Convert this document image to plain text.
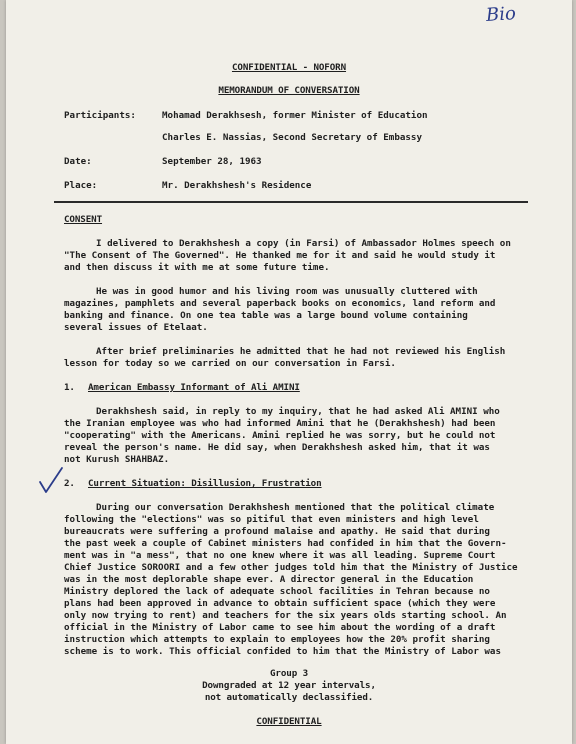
Bio
CONFIDENTIAL - NOFORN
MEMORANDUM OF CONVERSATION
Participants:	Mohamad Derakhsesh, former Minister of Education
Charles E. Nassias, Second Secretary of Embassy
Date:	September 28, 1963
Place:	Mr. Derakhshesh's Residence
CONSENT
I delivered to Derakhshesh a copy (in Farsi) of Ambassador Holmes speech on
"The Consent of The Governed". He thanked me for it and said he would study it
and then discuss it with me at some future time.
He was in good humor and his living room was unusually cluttered with
magazines, pamphlets and several paperback books on economics, land reform and
banking and finance. On one tea table was a large bound volume containing
several issues of Etelaat.
After brief preliminaries he admitted that he had not reviewed his English
lesson for today so we carried on our conversation in Farsi.
1. American Embassy Informant of Ali AMINI
Derakhshesh said, in reply to my inquiry, that he had asked Ali AMINI who
the Iranian employee was who had informed Amini that he (Derakhshesh) had been
"cooperating" with the Americans. Amini replied he was sorry, but he could not
reveal the person's name. He did say, when Derakhshesh asked him, that it was
not Kurush SHAHBAZ.
2. Current Situation: Disillusion, Frustration
During our conversation Derakhshesh mentioned that the political climate
following the "elections" was so pitiful that even ministers and high level
bureaucrats were suffering a profound malaise and apathy. He said that during
the past week a couple of Cabinet ministers had confided in him that the Govern-
ment was in "a mess", that no one knew where it was all leading. Supreme Court
Chief Justice SOROORI and a few other judges told him that the Ministry of Justice
was in the most deplorable shape ever. A director general in the Education
Ministry deplored the lack of adequate school facilities in Tehran because no
plans had been approved in advance to obtain sufficient space (which they were
only now trying to rent) and teachers for the six years olds starting school. An
official in the Ministry of Labor came to see him about the wording of a draft
instruction which attempts to explain to employees how the 20% profit sharing
scheme is to work. This official confided to him that the Ministry of Labor was
Group 3
Downgraded at 12 year intervals,
not automatically declassified.
CONFIDENTIAL
